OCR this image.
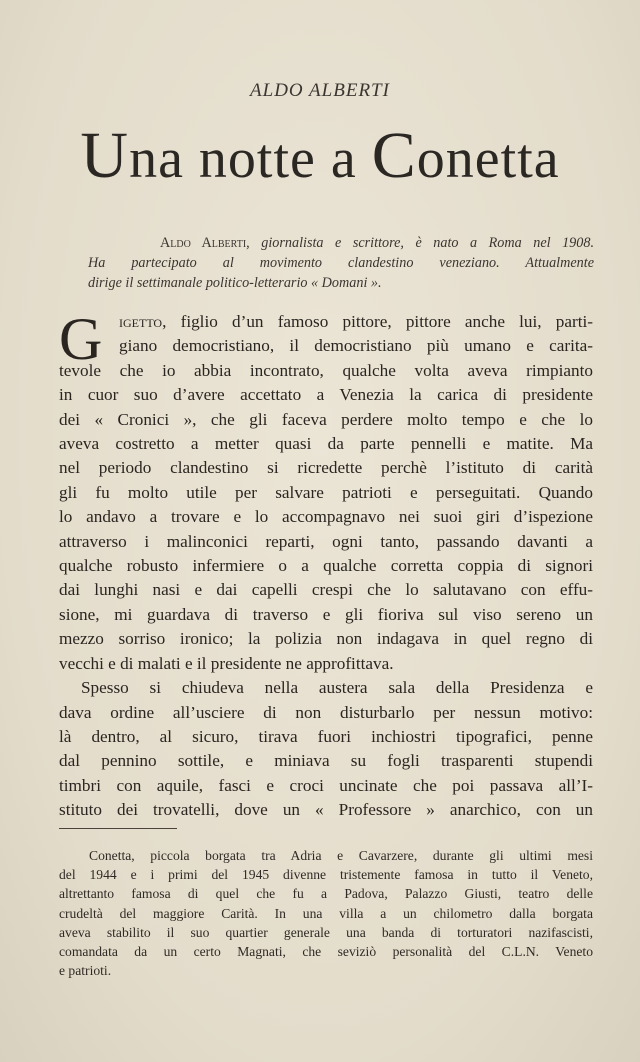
ALDO ALBERTI
Una notte a Conetta
Aldo Alberti, giornalista e scrittore, è nato a Roma nel 1908.
Ha partecipato al movimento clandestino veneziano. Attualmente
dirige il settimanale politico-letterario « Domani ».
G igetto, figlio d’un famoso pittore, pittore anche lui, parti-
giano democristiano, il democristiano più umano e carita-
tevole che io abbia incontrato, qualche volta aveva rimpianto
in cuor suo d’avere accettato a Venezia la carica di presidente
dei « Cronici », che gli faceva perdere molto tempo e che lo
aveva costretto a metter quasi da parte pennelli e matite. Ma
nel periodo clandestino si ricredette perchè l’istituto di carità
gli fu molto utile per salvare patrioti e perseguitati. Quando
lo andavo a trovare e lo accompagnavo nei suoi giri d’ispezione
attraverso i malinconici reparti, ogni tanto, passando davanti a
qualche robusto infermiere o a qualche corretta coppia di signori
dai lunghi nasi e dai capelli crespi che lo salutavano con effu-
sione, mi guardava di traverso e gli fioriva sul viso sereno un
mezzo sorriso ironico; la polizia non indagava in quel regno di
vecchi e di malati e il presidente ne approfittava.
Spesso si chiudeva nella austera sala della Presidenza e
dava ordine all’usciere di non disturbarlo per nessun motivo:
là dentro, al sicuro, tirava fuori inchiostri tipografici, penne
dal pennino sottile, e miniava su fogli trasparenti stupendi
timbri con aquile, fasci e croci uncinate che poi passava all’I-
stituto dei trovatelli, dove un « Professore » anarchico, con un
Conetta, piccola borgata tra Adria e Cavarzere, durante gli ultimi mesi
del 1944 e i primi del 1945 divenne tristemente famosa in tutto il Veneto,
altrettanto famosa di quel che fu a Padova, Palazzo Giusti, teatro delle
crudeltà del maggiore Carità. In una villa a un chilometro dalla borgata
aveva stabilito il suo quartier generale una banda di torturatori nazifascisti,
comandata da un certo Magnati, che seviziò personalità del C.L.N. Veneto
e patrioti.
